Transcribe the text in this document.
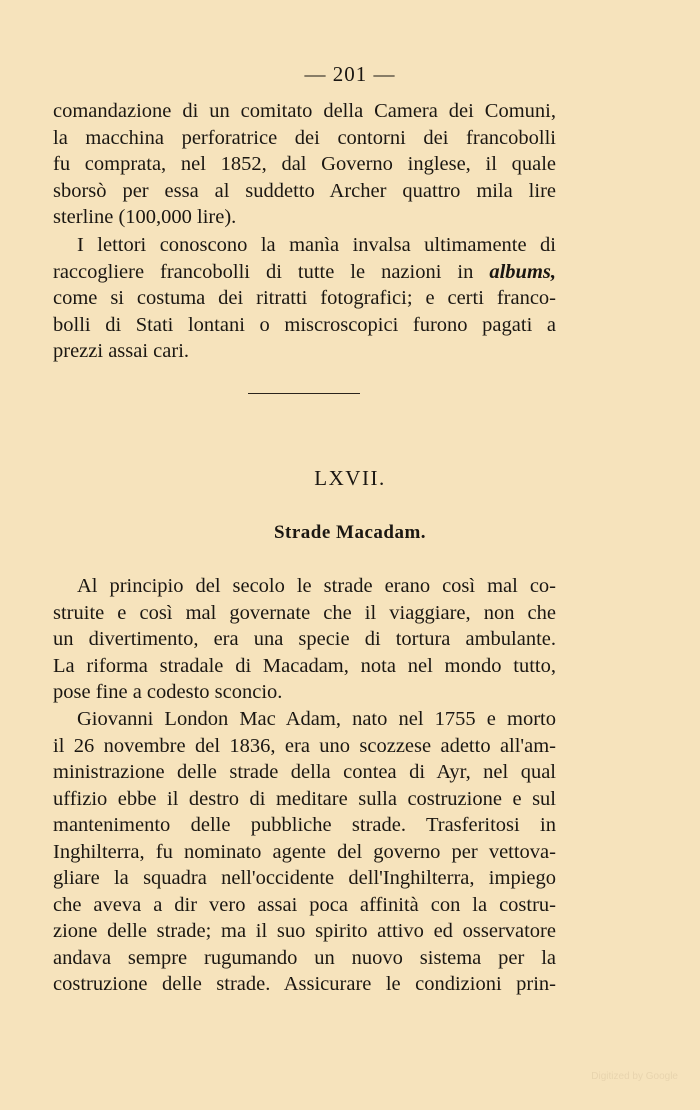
— 201 —
comandazione di un comitato della Camera dei Comuni,
la macchina perforatrice dei contorni dei francobolli
fu comprata, nel 1852, dal Governo inglese, il quale
sborsò per essa al suddetto Archer quattro mila lire
sterline (100,000 lire).
I lettori conoscono la manìa invalsa ultimamente di
raccogliere francobolli di tutte le nazioni in albums,
come si costuma dei ritratti fotografici; e certi franco-
bolli di Stati lontani o miscroscopici furono pagati a
prezzi assai cari.
LXVII.
Strade Macadam.
Al principio del secolo le strade erano così mal co-
struite e così mal governate che il viaggiare, non che
un divertimento, era una specie di tortura ambulante.
La riforma stradale di Macadam, nota nel mondo tutto,
pose fine a codesto sconcio.
Giovanni London Mac Adam, nato nel 1755 e morto
il 26 novembre del 1836, era uno scozzese adetto all'am-
ministrazione delle strade della contea di Ayr, nel qual
uffizio ebbe il destro di meditare sulla costruzione e sul
mantenimento delle pubbliche strade. Trasferitosi in
Inghilterra, fu nominato agente del governo per vettova-
gliare la squadra nell'occidente dell'Inghilterra, impiego
che aveva a dir vero assai poca affinità con la costru-
zione delle strade; ma il suo spirito attivo ed osservatore
andava sempre rugumando un nuovo sistema per la
costruzione delle strade. Assicurare le condizioni prin-
Digitized by Google
